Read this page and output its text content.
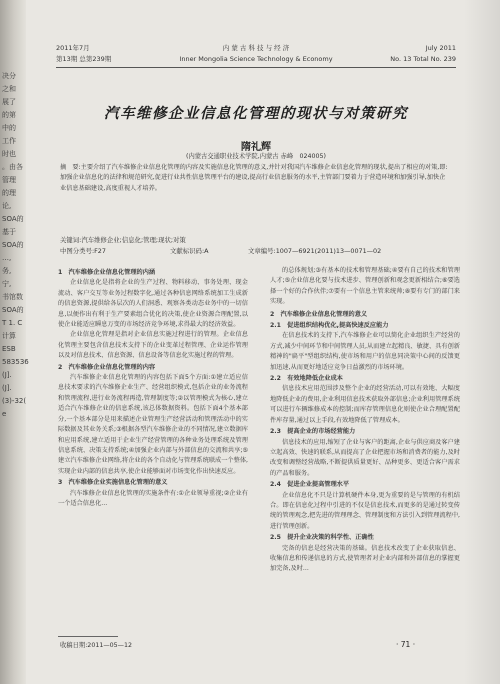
决分
之和
展了
的第
中的
工作
时也
。由各
管理
的理
论,
SOA的
基于
SOA的
…,
务,
宁,
书馆数
SOA的
T 1. C
计算
ESB
583536
(J].
(J].
(3)-32(
e
2011年7月
第13期 总第239期
内 蒙 古 科 技 与 经 济
Inner Mongolia Science Technology & Economy
July 2011
No. 13 Total No. 239
汽车维修企业信息化管理的现状与对策研究
隋礼辉
(内蒙古交通职业技术学院,内蒙古 赤峰　024005)
摘　要:主要介绍了汽车维修企业信息化管理的内容及实施信息化管理的意义,并针对我国汽车维修企业信息化管理的现状,提出了相应的对策,即:加强企业信息化的法律和规范研究,促进行业共性信息管理平台的建设,提高行业信息服务的水平,主管部门要着力于营造环境和加强引导,加快企业信息基础建设,高度重视人才培养。
关键词:汽车维修企业;信息化;管理;现状;对策
中图分类号:F27	文献标识码:A	文章编号:1007—6921(2011)13—0071—02

1　汽车维修企业信息化管理的内涵

企业信息化是指将企业的生产过程、物料移动、事务处理、现金流动、客户交互等业务过程数字化,通过各种信息网络系统加工生成新的信息资源,提供给各层次的人们洞悉、观察各类动态业务中的一切信息,以便作出有利于生产要素组合优化的决策,使企业资源合理配置,以使企业能适应瞬息万变的市场经济竞争环境,求得最大的经济效益。

企业信息化管理是指对企业信息实施过程进行的管理。企业信息化管理主要包含信息技术支持下的企业变革过程管理、企业运作管理以及对信息技术、信息资源、信息设备等信息化实施过程的管理。

2　汽车维修企业信息化管理的内容

汽车维修企业信息化管理的内容包括下面5个方面:①建立适应信息技术要求的汽车维修企业生产、经营组织模式,包括企业的业务流程和管理流程,进行业务流程再造,管理制度等;②以管理模式为核心,建立适合汽车维修企业的信息系统,该总体数据资料。包括下面4个基本部分,一个基本部分是用来描述企业管理生产经营活动和管理活动中的实际数据及其业务关系;③根据各型汽车维修企业的不同情况,建立数据库和应用系统,建立适用于企业生产经营管理的各种业务处理系统及管理信息系统、决策支持系统;④加强企业内部与外部信息的交流和共享;⑤建立汽车维修企业网络,将企业的各个自动化与管理系统联成一个整体,实现企业内部的信息共享,使企业能够面对市场变化作出快速反应。

3　汽车维修企业实施信息化管理的意义

汽车维修企业信息化管理的实施条件有:①企业领导重视;②企业有一个适合信息化...

的总体规划;③有基本的技术和管理基础;④要有自己的技术和管理人才;⑤企业信息化要与技术进步、管理创新和观念更新相结合;⑥要选择一个好的合作伙伴;⑦要有一个信息主管来统帅;⑧要有专门的部门来实现。

2　汽车维修企业信息化管理的意义

2.1　促进组织结构优化,提高快速反应能力

在信息技术的支持下,汽车维修企业可以简化企业组织生产经营的方式,减少中间环节和中间管理人员,从而建立起精良、敏捷、具有创新精神的"扁平"型组织结构,使市场和用户的信息同决策中心间的反馈更加迅速,从而更好地适应竞争日益激烈的市场环境。

2.2　有效地降低企业成本

信息技术应用范围涉及整个企业的经营活动,可以有效地、大幅度地降低企业的费用,企业利用信息技术获取外部信息;企业利用管理系统可以进行车辆维修成本的控制;而库存管理信息化则使企业合理配置配件库存量,通过以上手段,有效地降低了管理成本。

2.3　提高企业的市场经营能力

信息技术的应用,缩短了企业与客户的距离,企业与供应商及客户建立起高效、快速的联系,从而提高了企业把握市场和消费者的能力,及时改变和调整经营战略,不断提供质量更好、品种更多、更适合客户需求的产品和服务。

2.4　促进企业提高管理水平

企业信息化不只是计算机硬件本身,更为重要的是与管理的有机结合。即在信息化过程中引进的不仅是信息技术,而更多的是通过转变传统的管理观念,把先进的管理理念、管理制度和方法引入到管理流程中,进行管理创新。

2.5　提升企业决策的科学性、正确性

完备的信息是经营决策的基础。信息技术改变了企业获取信息、收集信息和传递信息的方式,使管理者对企业内部和外部信息的掌握更加完备,及时...

收稿日期:2011—05—12	· 71 ·
